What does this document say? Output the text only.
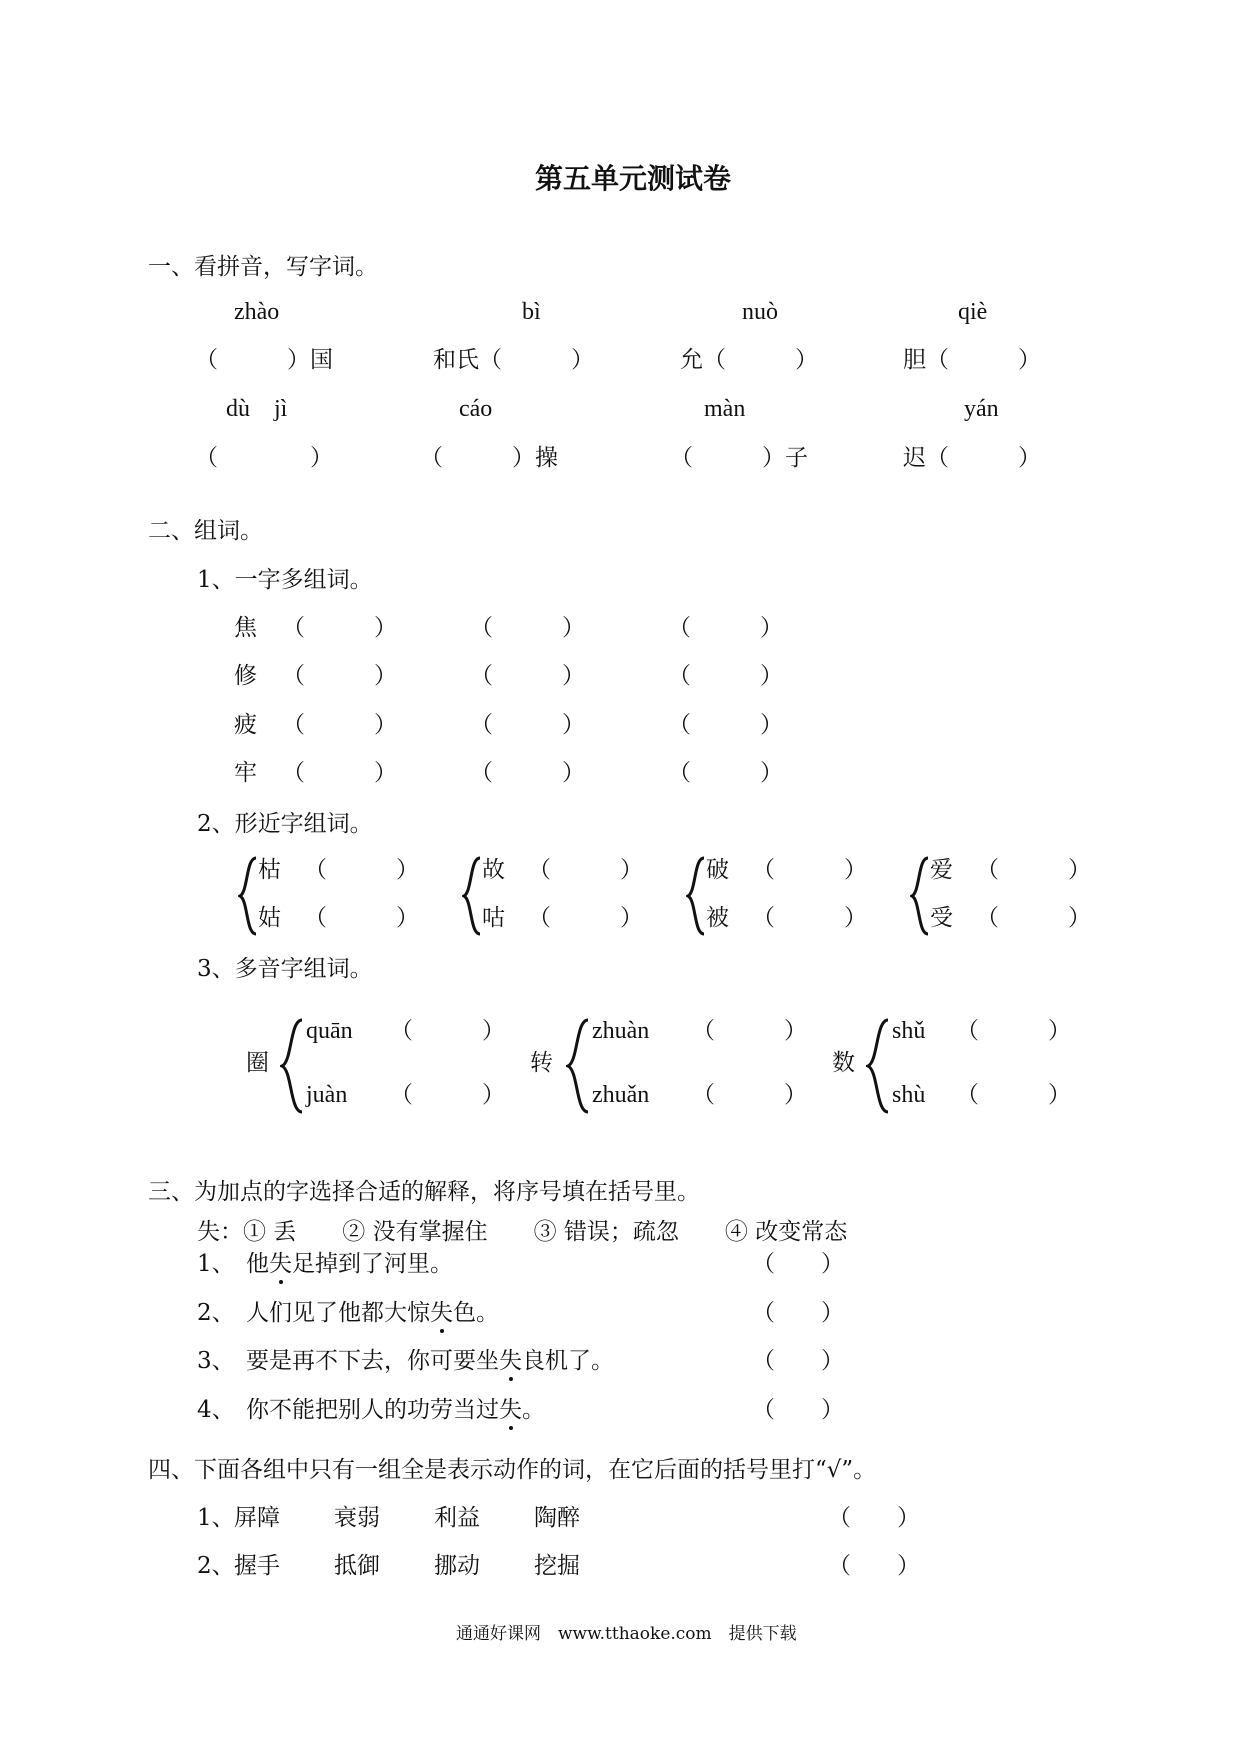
第五单元测试卷
一、看拼音，写字词。
zhào	bì	nuò	qiè
（　　　）国	和氏（　　　）	允（　　　）	胆（　　　）
dù　jì	cáo	màn	yán
（　　　　）	（　　　）操	（　　　）子	迟（　　　）
二、组词。
1、一字多组词。
焦 （　　　）	（　　　）	（　　　）
修 （　　　）	（　　　）	（　　　）
疲 （　　　）	（　　　）	（　　　）
牢 （　　　）	（　　　）	（　　　）
2、形近字组词。
枯 （　　　）
姑 （　　　）
故 （　　　）
咕 （　　　）
破 （　　　）
被 （　　　）
爱 （　　　）
受 （　　　）
3、多音字组词。
圈
quān （　　　）
juàn （　　　）
转
zhuàn （　　　）
zhuǎn （　　　）
数
shǔ （　　　）
shù （　　　）
三、为加点的字选择合适的解释，将序号填在括号里。
失：① 丢　　② 没有掌握住　　③ 错误；疏忽　　④ 改变常态
1、 他失足掉到了河里。	（　　）
2、 人们见了他都大惊失色。	（　　）
3、 要是再不下去，你可要坐失良机了。	（　　）
4、 你不能把别人的功劳当过失。	（　　）
四、下面各组中只有一组全是表示动作的词，在它后面的括号里打“√”。
1、 屏障 衰弱 利益 陶醉	（　　）
2、 握手 抵御 挪动 挖掘	（　　）
通通好课网　www.tthaoke.com　提供下载
